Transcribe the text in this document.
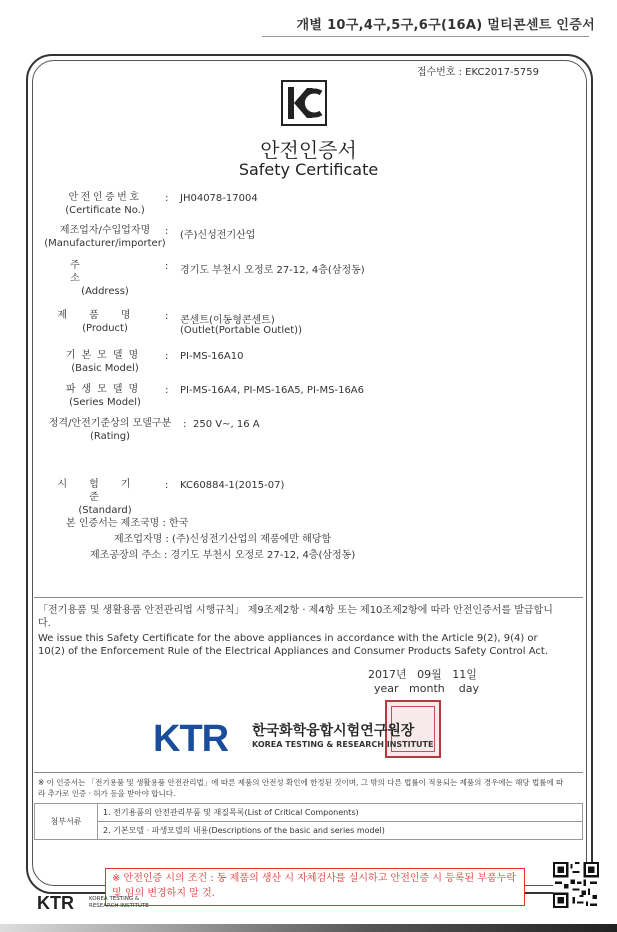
개별 10구,4구,5구,6구(16A) 멀티콘센트 인증서
접수번호 : EKC2017-5759
안전인증서
Safety Certificate
안전인증번호
(Certificate No.)
: JH04078-17004
제조업자/수입업자명
(Manufacturer/importer)
: (주)신성전기산업
주 소
(Address)
: 경기도 부천시 오정로 27-12, 4층(삼정동)
제품명
(Product)
: 콘센트(이동형콘센트)
(Outlet(Portable Outlet))
기본모델명
(Basic Model)
: PI-MS-16A10
파생모델명
(Series Model)
: PI-MS-16A4, PI-MS-16A5, PI-MS-16A6
정격/안전기준상의 모델구분
(Rating)
: 250 V~, 16 A
시험기준
(Standard)
: KC60884-1(2015-07)
본 인증서는 제조국명 : 한국
제조업자명 : (주)신성전기산업의 제품에만 해당함
제조공장의 주소 : 경기도 부천시 오정로 27-12, 4층(삼정동)
「전기용품 및 생활용품 안전관리법 시행규칙」 제9조제2항 · 제4항 또는 제10조제2항에 따라 안전인증서를 발급합니다.
We issue this Safety Certificate for the above appliances in accordance with the Article 9(2), 9(4) or 10(2) of the Enforcement Rule of the Electrical Appliances and Consumer Products Safety Control Act.
2017년 09월 11일
year month day
KTR 한국화학융합시험연구원장
KOREA TESTING & RESEARCH INSTITUTE
※ 이 인증서는 「전기용품 및 생활용품 안전관리법」에 따른 제품의 안전성 확인에 한정된 것이며, 그 밖의 다른 법률이 적용되는 제품의 경우에는 해당 법률에 따라 추가로 인증 · 허가 등을 받아야 합니다.
첨부서류	1. 전기용품의 안전관리부품 및 재질목록(List of Critical Components)
2. 기본모델 · 파생모델의 내용(Descriptions of the basic and series model)
※ 안전인증 시의 조건 : 동 제품의 생산 시 자체검사를 실시하고 안전인증 시 등록된 부품누락 및 임의 변경하지 말 것.
KTR	KOREA TESTING &
RESEARCH INSTITUTE
